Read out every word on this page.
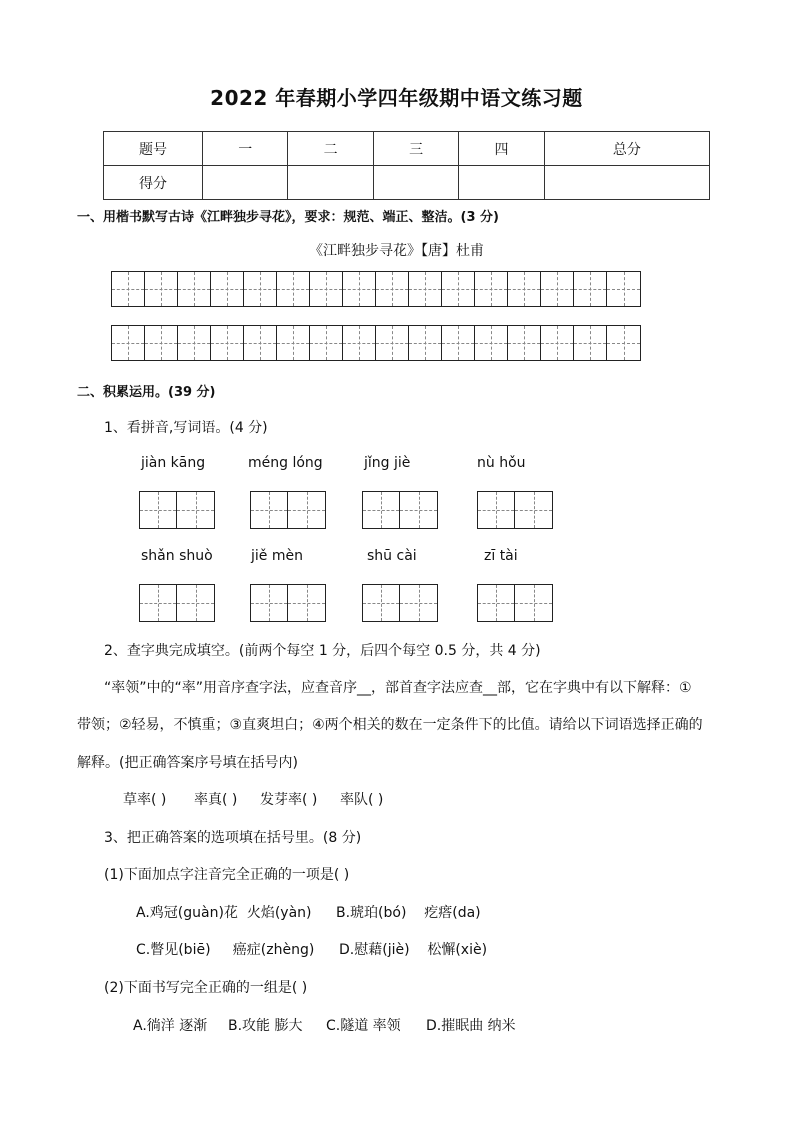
2022 年春期小学四年级期中语文练习题
题号	一	二	三	四	总分
得分					
一、用楷书默写古诗《江畔独步寻花》，要求：规范、端正、整洁。(3 分)
《江畔独步寻花》【唐】杜甫
二、积累运用。(39 分)
1、看拼音,写词语。(4 分)
jiàn kāng	méng lóng	jǐng jiè	nù hǒu
shǎn shuò	jiě mèn	shū cài	zī tài
2、查字典完成填空。(前两个每空 1 分，后四个每空 0.5 分，共 4 分)
“率领”中的“率”用音序查字法，应查音序__，部首查字法应查__部，它在字典中有以下解释：①
带领；②轻易，不慎重；③直爽坦白；④两个相关的数在一定条件下的比值。请给以下词语选择正确的
解释。(把正确答案序号填在括号内)
草率( ) 率真( ) 发芽率( ) 率队( )
3、把正确答案的选项填在括号里。(8 分)
(1)下面加点字注音完全正确的一项是( )
A.鸡冠(guàn)花  火焰(yàn) B.琥珀(bó)    疙瘩(da)
C.瞥见(biē)     癌症(zhèng) D.慰藉(jiè)    松懈(xiè)
(2)下面书写完全正确的一组是( )
A.徜洋 逐渐 B.攻能 膨大 C.隧道 率领 D.摧眠曲 纳米
